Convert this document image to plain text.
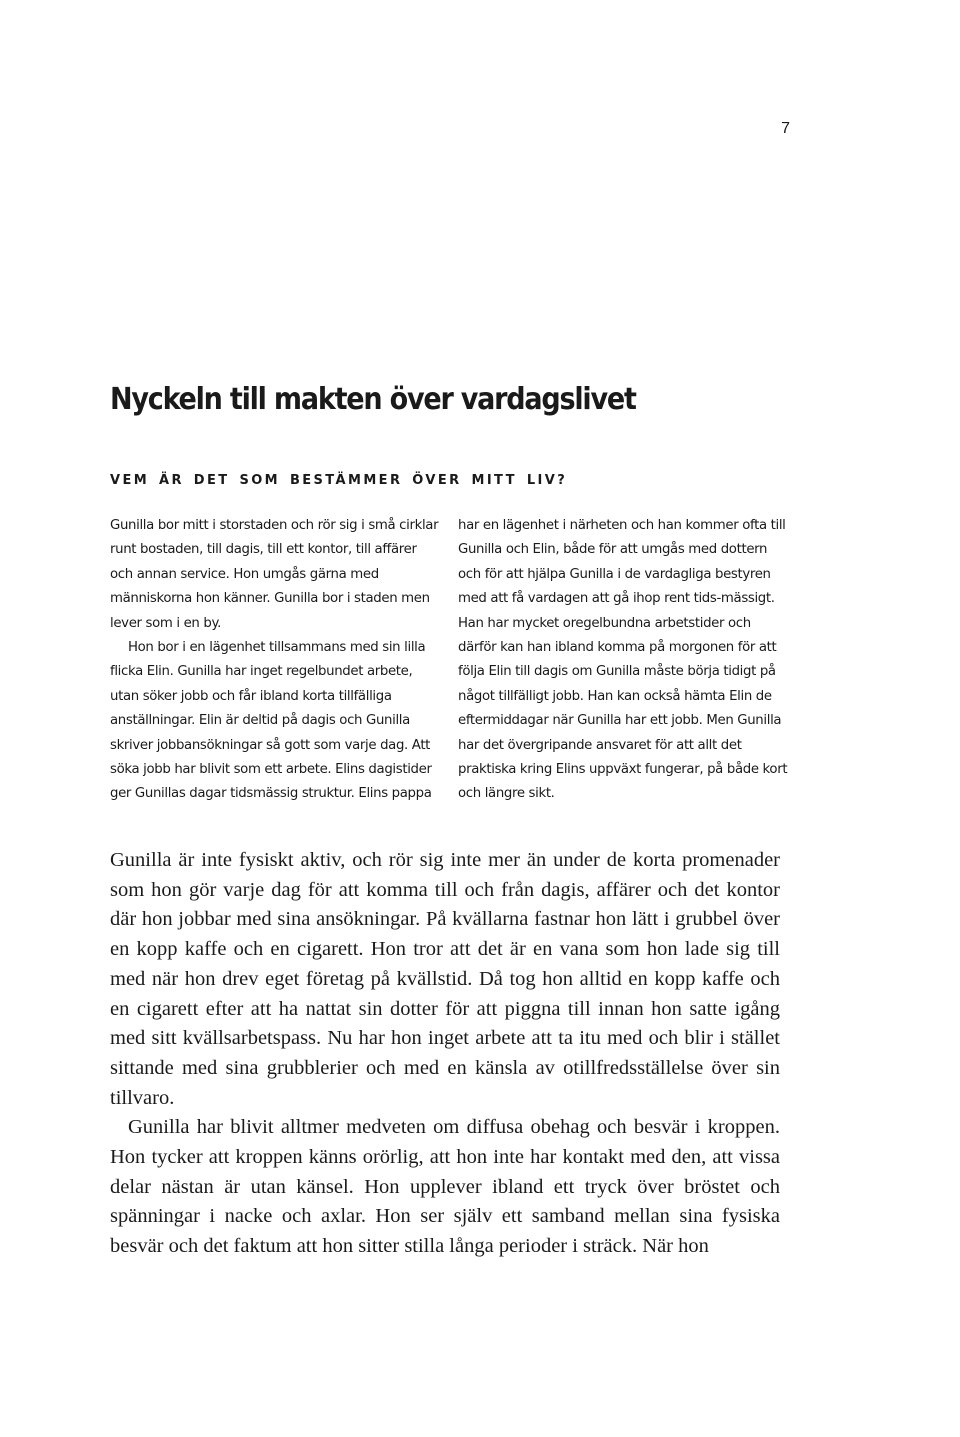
7
Nyckeln till makten över vardagslivet
VEM ÄR DET SOM BESTÄMMER ÖVER MITT LIV?

Gunilla bor mitt i storstaden och rör sig i små cirklar runt bostaden, till dagis, till ett kontor, till affärer och annan service. Hon umgås gärna med människorna hon känner. Gunilla bor i staden men lever som i en by.

Hon bor i en lägenhet tillsammans med sin lilla flicka Elin. Gunilla har inget regelbundet arbete, utan söker jobb och får ibland korta tillfälliga anställningar. Elin är deltid på dagis och Gunilla skriver jobbansökningar så gott som varje dag. Att söka jobb har blivit som ett arbete. Elins dagistider ger Gunillas dagar tidsmässig struktur. Elins pappa

har en lägenhet i närheten och han kommer ofta till Gunilla och Elin, både för att umgås med dottern och för att hjälpa Gunilla i de vardagliga bestyren med att få vardagen att gå ihop rent tids-mässigt. Han har mycket oregelbundna arbetstider och därför kan han ibland komma på morgonen för att följa Elin till dagis om Gunilla måste börja tidigt på något tillfälligt jobb. Han kan också hämta Elin de eftermiddagar när Gunilla har ett jobb. Men Gunilla har det övergripande ansvaret för att allt det praktiska kring Elins uppväxt fungerar, på både kort och längre sikt.

Gunilla är inte fysiskt aktiv, och rör sig inte mer än under de korta promenader som hon gör varje dag för att komma till och från dagis, affärer och det kontor där hon jobbar med sina ansökningar. På kvällarna fastnar hon lätt i grubbel över en kopp kaffe och en cigarett. Hon tror att det är en vana som hon lade sig till med när hon drev eget företag på kvällstid. Då tog hon alltid en kopp kaffe och en cigarett efter att ha nattat sin dotter för att piggna till innan hon satte igång med sitt kvällsarbetspass. Nu har hon inget arbete att ta itu med och blir i stället sittande med sina grubblerier och med en känsla av otillfredsställelse över sin tillvaro.

Gunilla har blivit alltmer medveten om diffusa obehag och besvär i kroppen. Hon tycker att kroppen känns orörlig, att hon inte har kontakt med den, att vissa delar nästan är utan känsel. Hon upplever ibland ett tryck över bröstet och spänningar i nacke och axlar. Hon ser själv ett samband mellan sina fysiska besvär och det faktum att hon sitter stilla långa perioder i sträck. När hon
